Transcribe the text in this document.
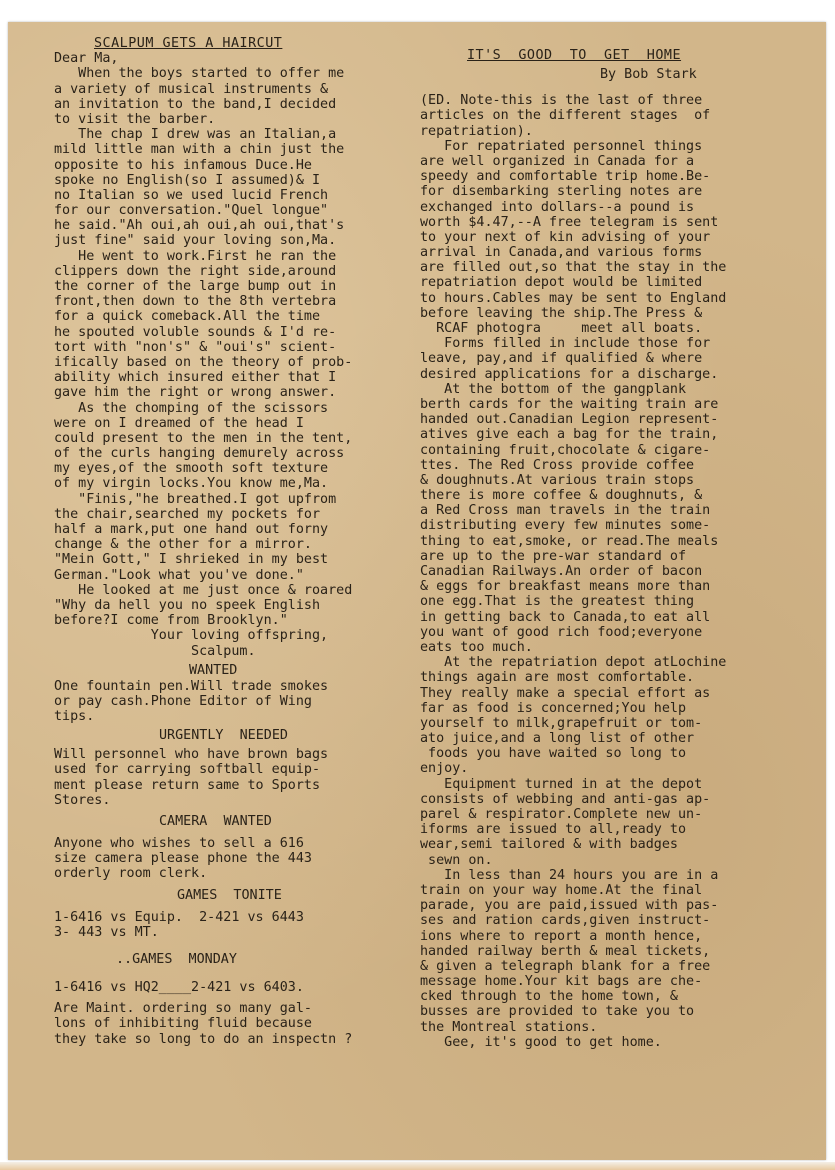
SCALPUM GETS A HAIRCUT
Dear Ma,
When the boys started to offer me
a variety of musical instruments &
an invitation to the band,I decided
to visit the barber.
The chap I drew was an Italian,a
mild little man with a chin just the
opposite to his infamous Duce.He
spoke no English(so I assumed)& I
no Italian so we used lucid French
for our conversation."Quel longue"
he said."Ah oui,ah oui,ah oui,that's
just fine" said your loving son,Ma.
He went to work.First he ran the
clippers down the right side,around
the corner of the large bump out in
front,then down to the 8th vertebra
for a quick comeback.All the time
he spouted voluble sounds & I'd re-
tort with "non's" & "oui's" scient-
ifically based on the theory of prob-
ability which insured either that I
gave him the right or wrong answer.
As the chomping of the scissors
were on I dreamed of the head I
could present to the men in the tent,
of the curls hanging demurely across
my eyes,of the smooth soft texture
of my virgin locks.You know me,Ma.
"Finis,"he breathed.I got upfrom
the chair,searched my pockets for
half a mark,put one hand out forny
change & the other for a mirror.
"Mein Gott," I shrieked in my best
German."Look what you've done."
He looked at me just once & roared
"Why da hell you no speek English
before?I come from Brooklyn."
Your loving offspring,
Scalpum.
WANTED
One fountain pen.Will trade smokes
or pay cash.Phone Editor of Wing
tips.
URGENTLY  NEEDED
Will personnel who have brown bags
used for carrying softball equip-
ment please return same to Sports
Stores.
CAMERA  WANTED
Anyone who wishes to sell a 616
size camera please phone the 443
orderly room clerk.
GAMES  TONITE
1-6416 vs Equip.  2-421 vs 6443
3- 443 vs MT.
..GAMES  MONDAY
1-6416 vs HQ2____2-421 vs 6403.
Are Maint. ordering so many gal-
lons of inhibiting fluid because
they take so long to do an inspectn ?
IT'S  GOOD  TO  GET  HOME
By Bob Stark
(ED. Note-this is the last of three
articles on the different stages  of
repatriation).
For repatriated personnel things
are well organized in Canada for a
speedy and comfortable trip home.Be-
for disembarking sterling notes are
exchanged into dollars--a pound is
worth $4.47,--A free telegram is sent
to your next of kin advising of your
arrival in Canada,and various forms
are filled out,so that the stay in the
repatriation depot would be limited
to hours.Cables may be sent to England
before leaving the ship.The Press &
RCAF photogra     meet all boats.
Forms filled in include those for
leave, pay,and if qualified & where
desired applications for a discharge.
At the bottom of the gangplank
berth cards for the waiting train are
handed out.Canadian Legion represent-
atives give each a bag for the train,
containing fruit,chocolate & cigare-
ttes. The Red Cross provide coffee
& doughnuts.At various train stops
there is more coffee & doughnuts, &
a Red Cross man travels in the train
distributing every few minutes some-
thing to eat,smoke, or read.The meals
are up to the pre-war standard of
Canadian Railways.An order of bacon
& eggs for breakfast means more than
one egg.That is the greatest thing
in getting back to Canada,to eat all
you want of good rich food;everyone
eats too much.
At the repatriation depot atLochine
things again are most comfortable.
They really make a special effort as
far as food is concerned;You help
yourself to milk,grapefruit or tom-
ato juice,and a long list of other
foods you have waited so long to
enjoy.
Equipment turned in at the depot
consists of webbing and anti-gas ap-
parel & respirator.Complete new un-
iforms are issued to all,ready to
wear,semi tailored & with badges
sewn on.
In less than 24 hours you are in a
train on your way home.At the final
parade, you are paid,issued with pas-
ses and ration cards,given instruct-
ions where to report a month hence,
handed railway berth & meal tickets,
& given a telegraph blank for a free
message home.Your kit bags are che-
cked through to the home town, &
busses are provided to take you to
the Montreal stations.
Gee, it's good to get home.
